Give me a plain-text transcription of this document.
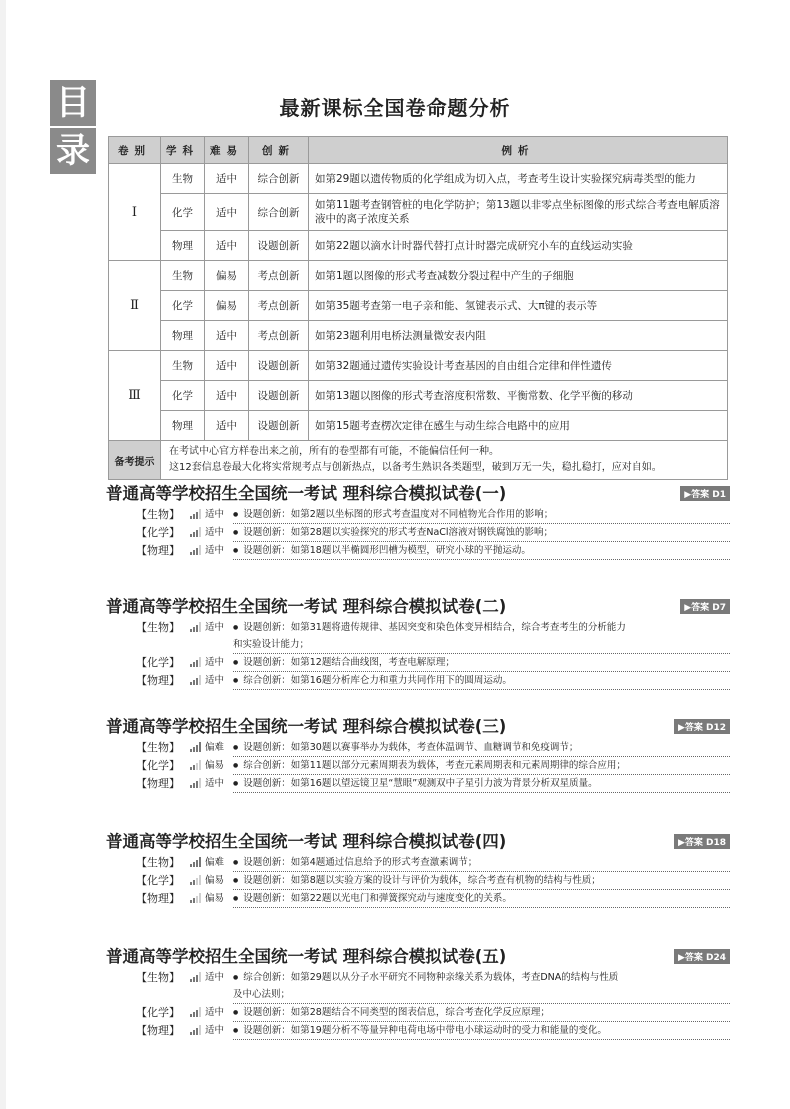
目
录
最新课标全国卷命题分析
卷别	学科	难易	创新	例析
Ⅰ	生物	适中	综合创新	如第29题以遗传物质的化学组成为切入点，考查考生设计实验探究病毒类型的能力
	化学	适中	综合创新	如第11题考查钢管桩的电化学防护；第13题以非零点坐标图像的形式综合考查电解质溶液中的离子浓度关系
	物理	适中	设题创新	如第22题以滴水计时器代替打点计时器完成研究小车的直线运动实验
Ⅱ	生物	偏易	考点创新	如第1题以图像的形式考查减数分裂过程中产生的子细胞
	化学	偏易	考点创新	如第35题考查第一电子亲和能、氢键表示式、大π键的表示等
	物理	适中	考点创新	如第23题利用电桥法测量微安表内阻
Ⅲ	生物	适中	设题创新	如第32题通过遗传实验设计考查基因的自由组合定律和伴性遗传
	化学	适中	设题创新	如第13题以图像的形式考查溶度积常数、平衡常数、化学平衡的移动
	物理	适中	设题创新	如第15题考查楞次定律在感生与动生综合电路中的应用
备考提示	在考试中心官方样卷出来之前，所有的卷型都有可能，不能偏信任何一种。
这12套信息卷最大化将实常规考点与创新热点，以备考生熟识各类题型，破到万无一失，稳扎稳打，应对自如。			
普通高等学校招生全国统一考试 理科综合模拟试卷(一)	▶答案 D1
【生物】	适中	● 设题创新：如第2题以坐标图的形式考查温度对不同植物光合作用的影响；
【化学】	适中	● 设题创新：如第28题以实验探究的形式考查NaCl溶液对钢铁腐蚀的影响；
【物理】	适中	● 设题创新：如第18题以半椭圆形凹槽为模型，研究小球的平抛运动。
普通高等学校招生全国统一考试 理科综合模拟试卷(二)	▶答案 D7
【生物】	适中	● 设题创新：如第31题将遗传规律、基因突变和染色体变异相结合，综合考查考生的分析能力
和实验设计能力；
【化学】	适中	● 设题创新：如第12题结合曲线图，考查电解原理；
【物理】	适中	● 综合创新：如第16题分析库仑力和重力共同作用下的圆周运动。
普通高等学校招生全国统一考试 理科综合模拟试卷(三)	▶答案 D12
【生物】	偏难	● 设题创新：如第30题以赛事举办为载体，考查体温调节、血糖调节和免疫调节；
【化学】	偏易	● 综合创新：如第11题以部分元素周期表为载体，考查元素周期表和元素周期律的综合应用；
【物理】	适中	● 设题创新：如第16题以望远镜卫星“慧眼”观测双中子星引力波为背景分析双星质量。
普通高等学校招生全国统一考试 理科综合模拟试卷(四)	▶答案 D18
【生物】	偏难	● 设题创新：如第4题通过信息给予的形式考查激素调节；
【化学】	偏易	● 设题创新：如第8题以实验方案的设计与评价为载体，综合考查有机物的结构与性质；
【物理】	偏易	● 设题创新：如第22题以光电门和弹簧探究动与速度变化的关系。
普通高等学校招生全国统一考试 理科综合模拟试卷(五)	▶答案 D24
【生物】	适中	● 综合创新：如第29题以从分子水平研究不同物种亲缘关系为载体，考查DNA的结构与性质
及中心法则；
【化学】	适中	● 设题创新：如第28题结合不同类型的图表信息，综合考查化学反应原理；
【物理】	适中	● 设题创新：如第19题分析不等量异种电荷电场中带电小球运动时的受力和能量的变化。
